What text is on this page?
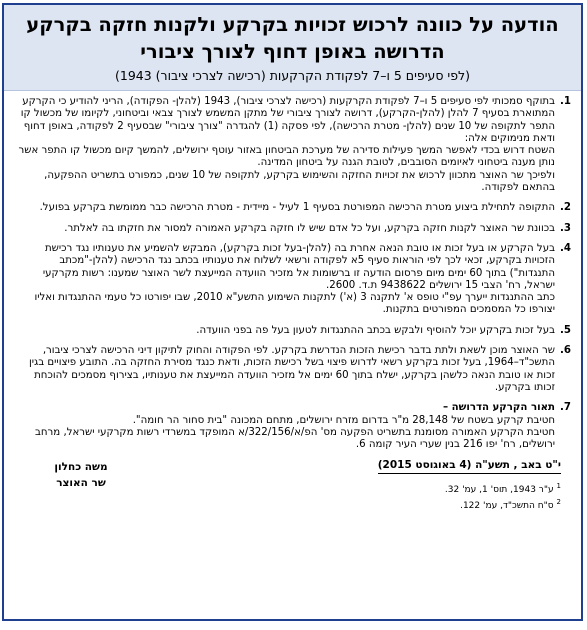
הודעה על כוונה לרכוש זכויות בקרקע ולקנות חזקה בקרקע
הדרושה באופן דחוף לצורך ציבורי
(לפי סעיפים 5 ו–7 לפקודת הקרקעות (רכישה לצרכי ציבור) 1943)
1.
בתוקף סמכותי לפי סעיפים 5 ו–7 לפקודת הקרקעות (רכישה לצרכי ציבור), 1943 (להלן- הפקודה), הריני להודיע כי הקרקע המתוארת בסעיף 7 להלן (להלן-הקרקע), דרושה לצורך ציבורי של מתקן המשמש לצורך צבאי וביטחוני, לקיומו של מכשול קו התפר לתקופה של 10 שנים (להלן- מטרת הרכישה), לפי פסקה (1) להגדרה "צורך ציבורי" שבסעיף 2 לפקודה, באופן דחוף ודאת מנימוקים אלה:
השטח דרוש בכדי לאפשר המשך פעילות סדירה של מערכת הביטחון באזור עוטף ירושלים, להמשך קיום מכשול קו התפר אשר נותן מענה ביטחוני לאיומים הסובבים, לטובת הגנה על ביטחון המדינה.
ולפיכך שר האוצר מתכוון לרכוש את זכויות החזקה והשימוש בקרקע, לתקופה של 10 שנים, כמפורט בתשריט ההפקעה, בהתאם לפקודה.
2.
התקופה לתחילת ביצוע מטרת הרכישה המפורטת בסעיף 1 לעיל - מיידית - מטרת הרכישה כבר ממומשת בקרקע בפועל.
3.
בכוונת שר האוצר לקנות חזקה בקרקע, ועל כל אדם שיש לו חזקה בקרקע האמורה למסור את חזקתו בה לאלתר.
4.
בעל הקרקע או בעל זכות או טובת הנאה אחרת בה (להלן-בעל זכות בקרקע), המבקש להשמיע את טענותיו נגד רכישת הזכויות בקרקע, זכאי לכך לפי הוראות סעיף 5א לפקודה ורשאי לשלוח את טענותיו בכתב נגד הרכישה (להלן-"מכתב התנגדות") בתוך 60 ימים מיום פרסום הודעה זו ברשומות אל מזכיר הוועדה המייעצת לשר האוצר שמענו: רשות מקרקעי ישראל, רח' הצבי 15 ירושלים 9438622 ת.ד. 2600.
כתב ההתנגדות ייערך עפ"י טופס א' לתקנה 3 (א') לתקנות השימוע התשע"א 2010, שבו יפורטו כל טעמי ההתנגדות ואליו יצורפו כל המסמכים המפורטים בתקנות.
5.
בעל זכות בקרקע יוכל להוסיף ולבקש בכתב ההתנגדות לטעון בעל פה בפני הוועדה.
6.
שר האוצר מוכן לשאת ולתת בדבר רכישת הזכות הנדרשת בקרקע. לפי הפקודה והחוק לתיקון דיני הרכישה לצרכי ציבור, התשכ"ד–1964, בעל זכות בקרקע רשאי לדרוש פיצוי בשל רכישת הזכות, ודאת כנגד מסירת החזקה בה. התובע פיצויים בגין זכות או טובת הנאה כלשהן בקרקע, ישלח בתוך 60 ימים אל מזכיר הוועדה המייעצת את טענותיו, בצירוף מסמכים להוכחת זכותו בקרקע.
7.
תאור הקרקע הדרושה –
חטיבת קרקע בשטח של 28,148 מ"ר בדרום מזרח ירושלים, מתחם המכונה "בית סחור הר חומה".
חטיבת הקרקע האמורה מסומנת בתשריט הפקעה מס' הפ/א/322/156/א המופקד במשרדי רשות מקרקעי ישראל, מרחב ירושלים, רח' יפו 216 בנין שערי העיר קומה 6.
י"ט באב , תשע"ה (4 באוגוסט 2015)
$^1$ ע"ר 1943, תוס' 1, עמ' 32.
$^2$ ס"ח התשכ"ד, עמ' 122.
משה כחלון
שר האוצר
